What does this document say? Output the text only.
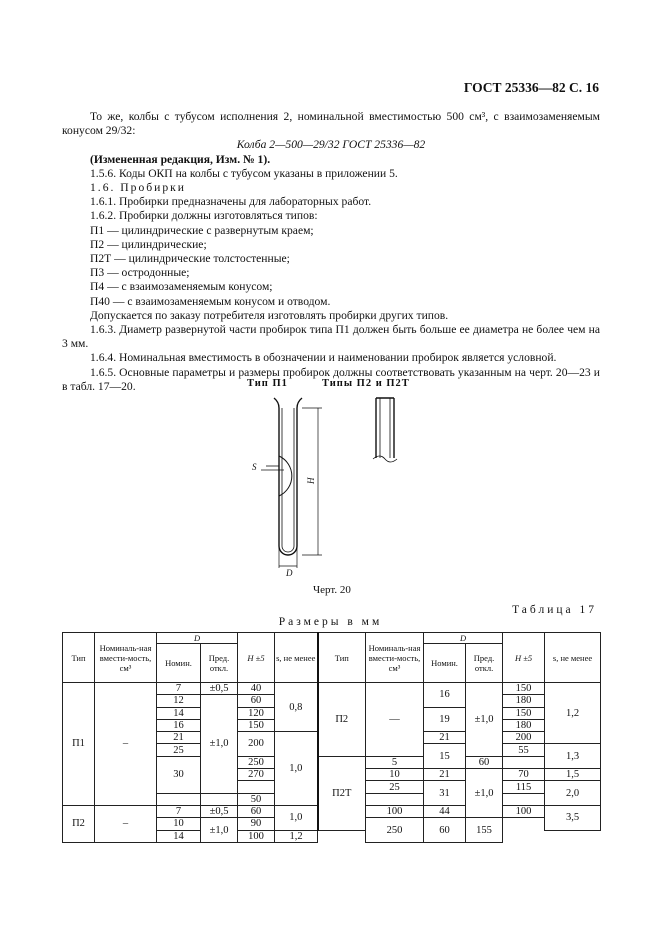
ГОСТ 25336—82 С. 16

То же, колбы с тубусом исполнения 2, номинальной вместимостью 500 см³, с взаимозаменяемым конусом 29/32:

Колба 2—500—29/32 ГОСТ 25336—82

(Измененная редакция, Изм. № 1).

1.5.6. Коды ОКП на колбы с тубусом указаны в приложении 5.

1.6. Пробирки

1.6.1. Пробирки предназначены для лабораторных работ.

1.6.2. Пробирки должны изготовляться типов:

П1 — цилиндрические с развернутым краем;

П2 — цилиндрические;

П2Т — цилиндрические толстостенные;

П3 — остродонные;

П4 — с взаимозаменяемым конусом;

П40 — с взаимозаменяемым конусом и отводом.

Допускается по заказу потребителя изготовлять пробирки других типов.

1.6.3. Диаметр развернутой части пробирок типа П1 должен быть больше ее диаметра не более чем на 3 мм.

1.6.4. Номинальная вместимость в обозначении и наименовании пробирок является условной.

1.6.5. Основные параметры и размеры пробирок должны соответствовать указанным на черт. 20—23 и в табл. 17—20.	Тип П1	Типы П2 и П2Т
S
H
D
Черт. 20
Таблица 17
Размеры в мм
Тип	Номиналь-ная вмести-мость, см³	D		H ±5	s, не менее	Тип	Номиналь-ная вмести-мость, см³	D		H ±5	s, не менее
		Номин.	Пред. откл.					Номин.	Пред. откл.		
П1	–	7	±0,5	40	0,8	П2	—	16	±1,0	150	1,2
		12	±1,0	60						180	
		14		120				19		150	
		16		150						180	
		21		200	1,0			21		200	
		25						15		55	1,3
		30		250		П2Т	5		60		
				270			10	21	±1,0	70	1,5
							25	31		115	2,0
				50							
П2	–	7	±0,5	60	1,0		100	44		100	3,5
		10	±1,0	90			250	60	155		
		14		100	1,2						
